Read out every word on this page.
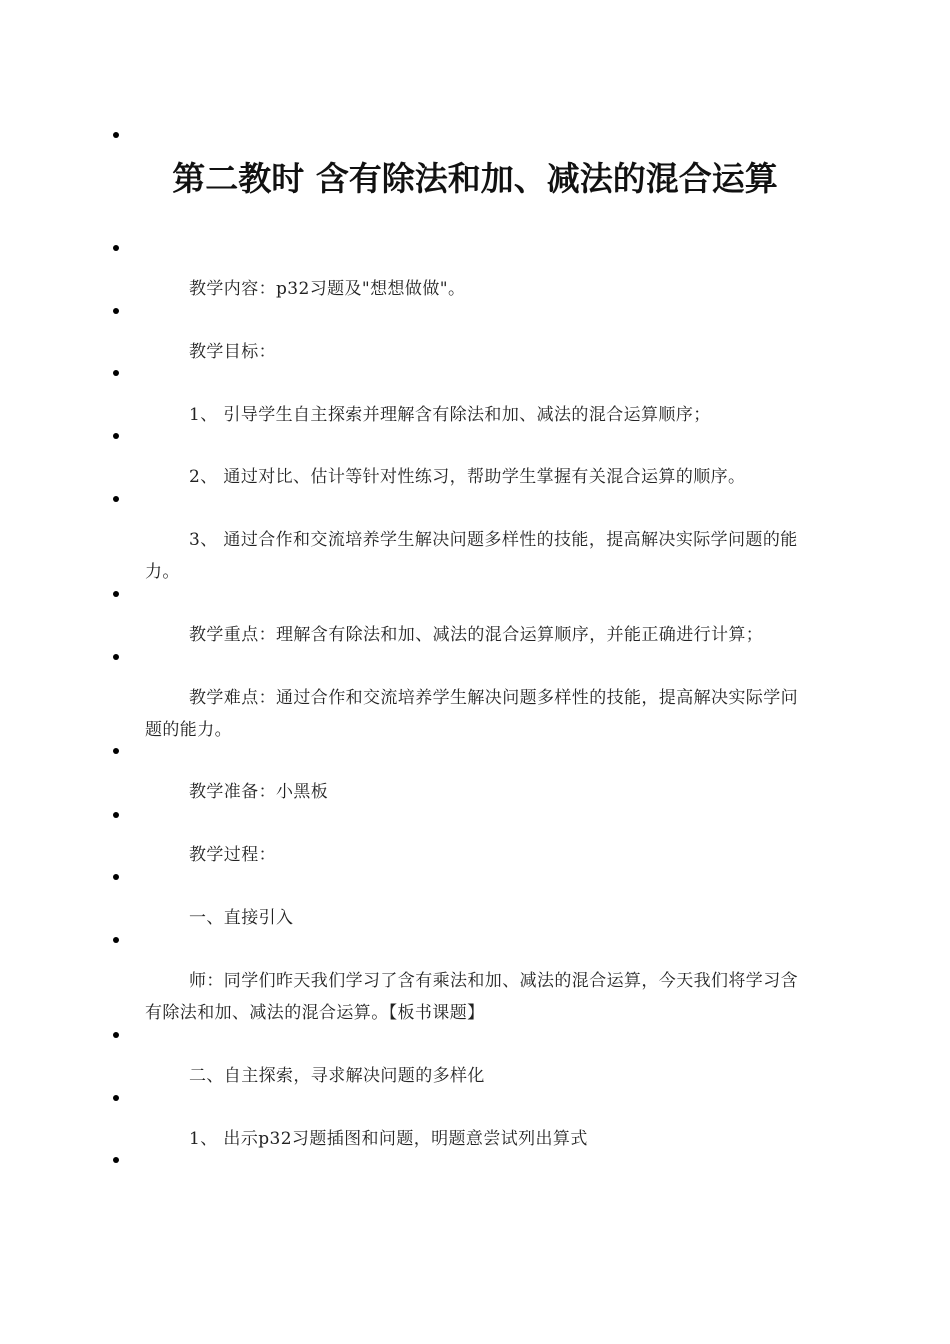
第二教时 含有除法和加、减法的混合运算

教学内容：p32习题及"想想做做"。

教学目标：

1、 引导学生自主探索并理解含有除法和加、减法的混合运算顺序；

2、 通过对比、估计等针对性练习，帮助学生掌握有关混合运算的顺序。

3、 通过合作和交流培养学生解决问题多样性的技能，提高解决实际学问题的能力。

教学重点：理解含有除法和加、减法的混合运算顺序，并能正确进行计算；

教学难点：通过合作和交流培养学生解决问题多样性的技能，提高解决实际学问题的能力。

教学准备：小黑板

教学过程：

一、直接引入

师：同学们昨天我们学习了含有乘法和加、减法的混合运算，今天我们将学习含有除法和加、减法的混合运算。【板书课题】

二、自主探索，寻求解决问题的多样化

1、 出示p32习题插图和问题，明题意尝试列出算式
